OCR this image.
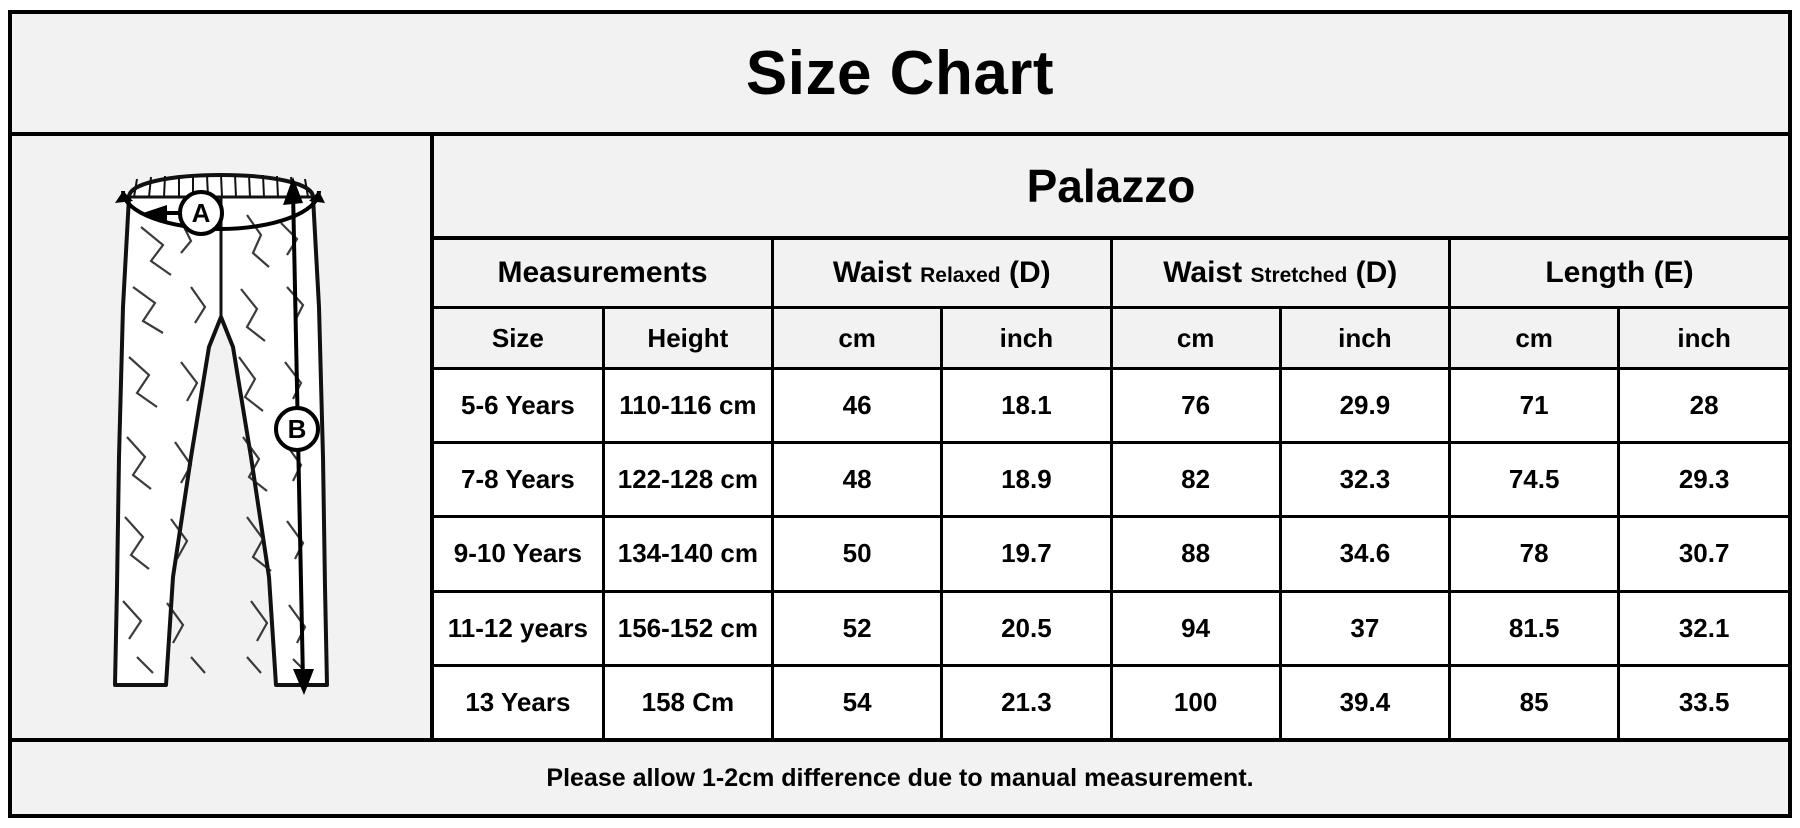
Size Chart
A
B
Palazzo
Measurements		Waist Relaxed (D)		Waist Stretched (D)		Length (E)	
Size	Height	cm	inch	cm	inch	cm	inch
5-6 Years	110-116 cm	46	18.1	76	29.9	71	28
7-8 Years	122-128 cm	48	18.9	82	32.3	74.5	29.3
9-10 Years	134-140 cm	50	19.7	88	34.6	78	30.7
11-12 years	156-152 cm	52	20.5	94	37	81.5	32.1
13 Years	158 Cm	54	21.3	100	39.4	85	33.5
Please allow 1-2cm difference due to manual measurement.
